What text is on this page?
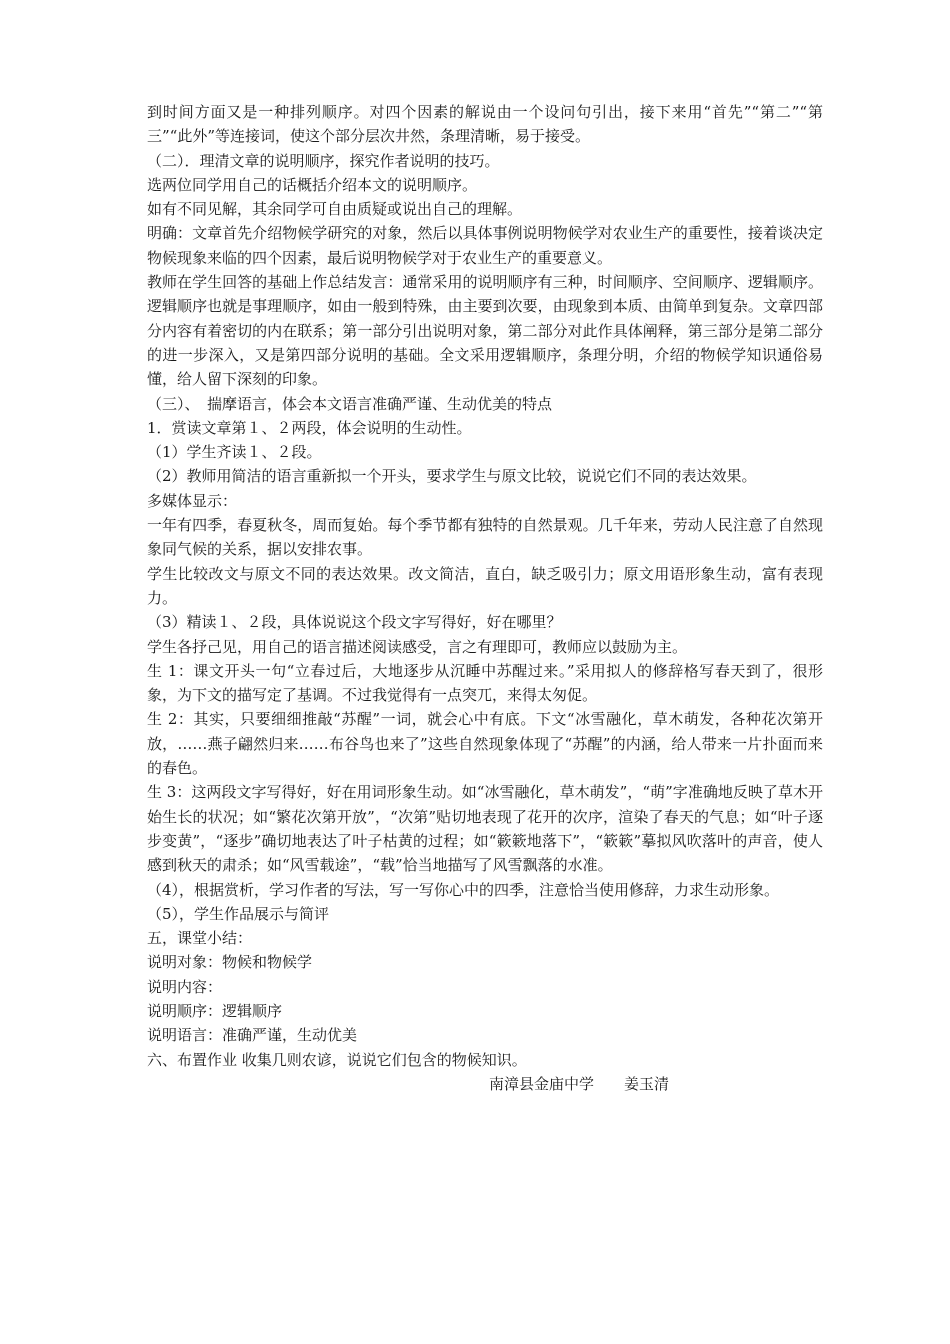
到时间方面又是一种排列顺序。对四个因素的解说由一个设问句引出，接下来用“首先”“第二”“第三”“此外”等连接词，使这个部分层次井然，条理清晰，易于接受。

（二）．理清文章的说明顺序，探究作者说明的技巧。

选两位同学用自己的话概括介绍本文的说明顺序。

如有不同见解，其余同学可自由质疑或说出自己的理解。

明确：文章首先介绍物候学研究的对象，然后以具体事例说明物候学对农业生产的重要性，接着谈决定物候现象来临的四个因素，最后说明物候学对于农业生产的重要意义。

教师在学生回答的基础上作总结发言：通常采用的说明顺序有三种，时间顺序、空间顺序、逻辑顺序。逻辑顺序也就是事理顺序，如由一般到特殊，由主要到次要，由现象到本质、由简单到复杂。文章四部分内容有着密切的内在联系；第一部分引出说明对象，第二部分对此作具体阐释，第三部分是第二部分的进一步深入，又是第四部分说明的基础。全文采用逻辑顺序，条理分明，介绍的物候学知识通俗易懂，给人留下深刻的印象。

（三）、　揣摩语言，体会本文语言准确严谨、生动优美的特点

1．赏读文章第１、２两段，体会说明的生动性。

（1）学生齐读１、２段。

（2）教师用简洁的语言重新拟一个开头，要求学生与原文比较，说说它们不同的表达效果。

多媒体显示：

一年有四季，春夏秋冬，周而复始。每个季节都有独特的自然景观。几千年来，劳动人民注意了自然现象同气候的关系，据以安排农事。

学生比较改文与原文不同的表达效果。改文简洁，直白，缺乏吸引力；原文用语形象生动，富有表现力。

（3）精读１、２段，具体说说这个段文字写得好，好在哪里？

学生各抒己见，用自己的语言描述阅读感受，言之有理即可，教师应以鼓励为主。

生 1：课文开头一句“立春过后，大地逐步从沉睡中苏醒过来。”采用拟人的修辞格写春天到了，很形象，为下文的描写定了基调。不过我觉得有一点突兀，来得太匆促。

生 2：其实，只要细细推敲“苏醒”一词，就会心中有底。下文“冰雪融化，草木萌发，各种花次第开放，……燕子翩然归来……布谷鸟也来了”这些自然现象体现了“苏醒”的内涵，给人带来一片扑面而来的春色。

生 3：这两段文字写得好，好在用词形象生动。如“冰雪融化，草木萌发”，“萌”字准确地反映了草木开始生长的状况；如“繁花次第开放”，“次第”贴切地表现了花开的次序，渲染了春天的气息；如“叶子逐步变黄”，“逐步”确切地表达了叶子枯黄的过程；如“簌簌地落下”，“簌簌”摹拟风吹落叶的声音，使人感到秋天的肃杀；如“风雪载途”，“载”恰当地描写了风雪飘落的水准。

（4），根据赏析，学习作者的写法，写一写你心中的四季，注意恰当使用修辞，力求生动形象。

（5），学生作品展示与简评

五，课堂小结：

说明对象：物候和物候学

说明内容：

说明顺序：逻辑顺序

说明语言：准确严谨，生动优美

六、布置作业 收集几则农谚，说说它们包含的物候知识。

南漳县金庙中学　　姜玉清
